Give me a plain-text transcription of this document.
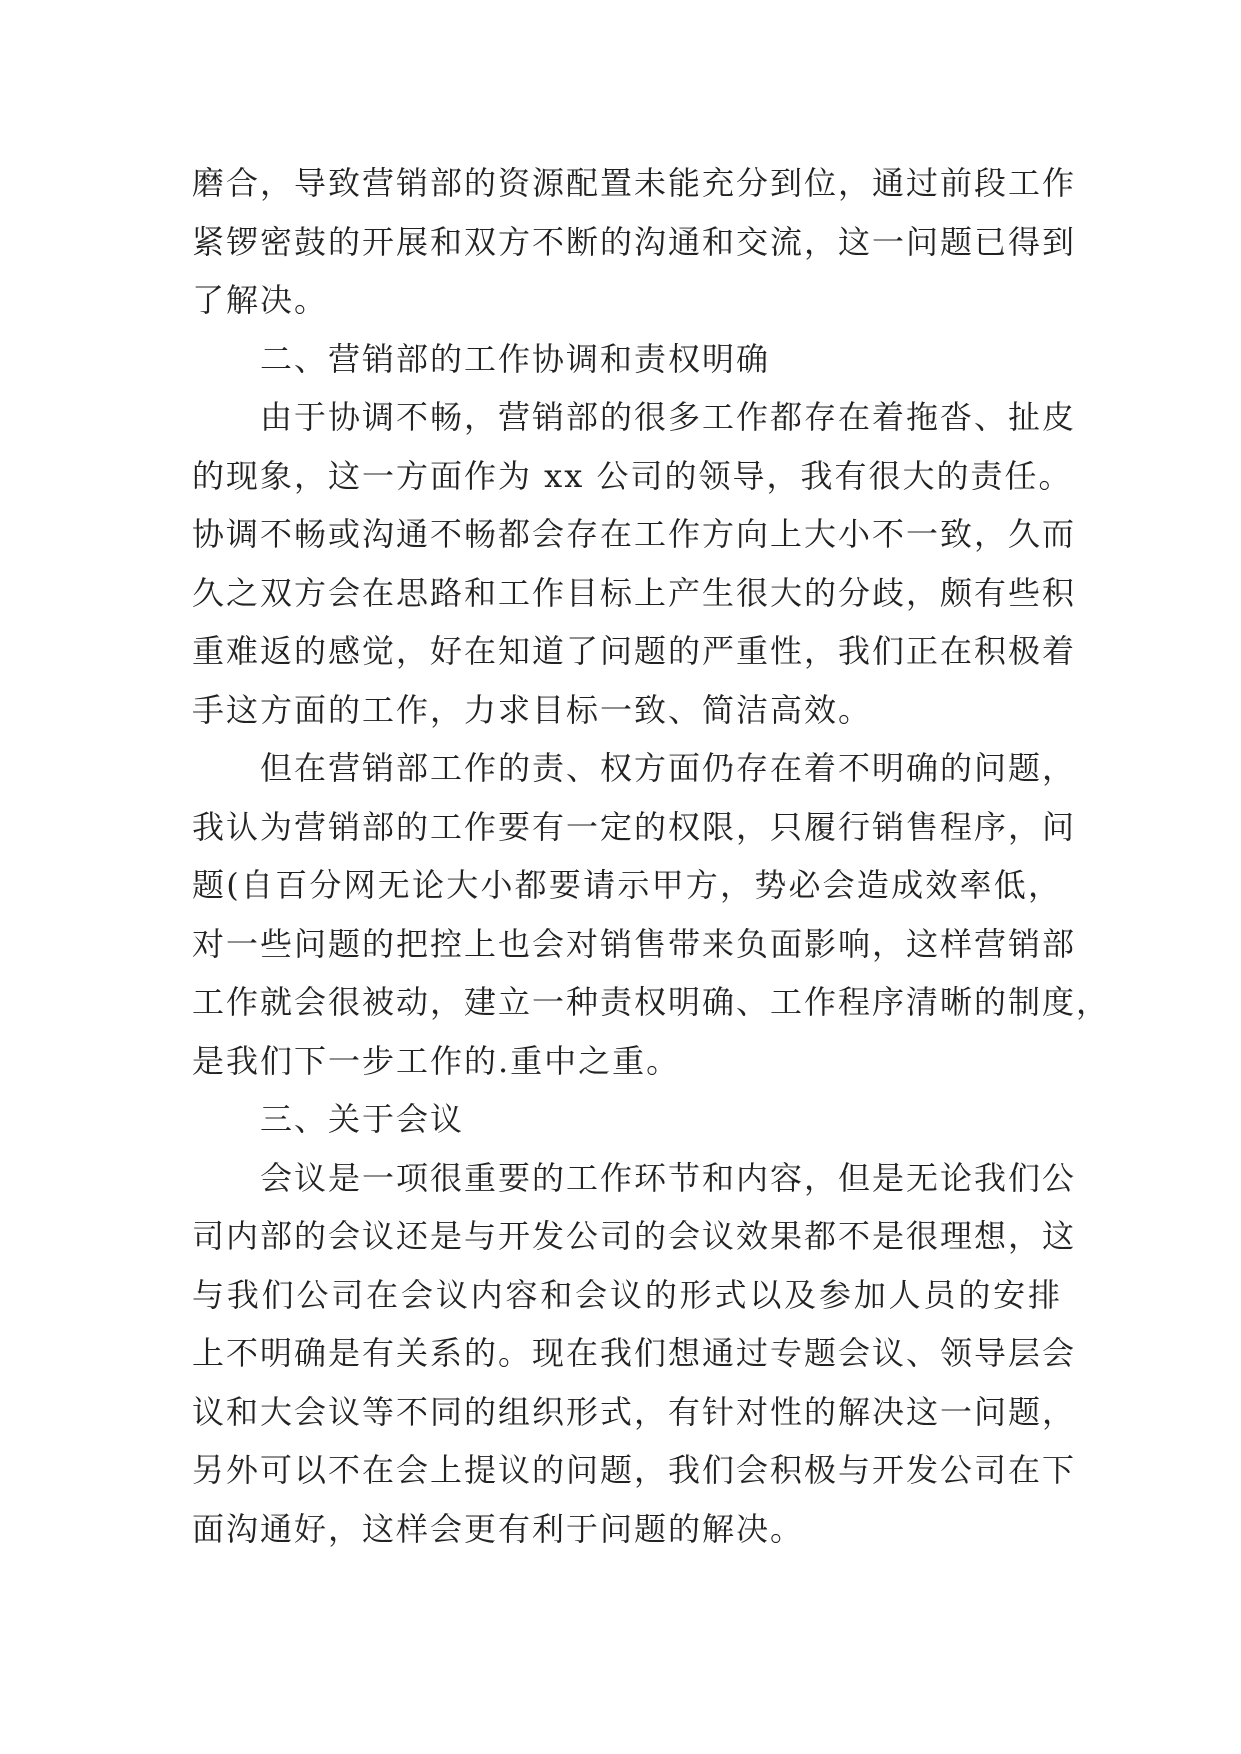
磨合，导致营销部的资源配置未能充分到位，通过前段工作
紧锣密鼓的开展和双方不断的沟通和交流，这一问题已得到
了解决。
二、营销部的工作协调和责权明确
由于协调不畅，营销部的很多工作都存在着拖沓、扯皮
的现象，这一方面作为 xx 公司的领导，我有很大的责任。
协调不畅或沟通不畅都会存在工作方向上大小不一致，久而
久之双方会在思路和工作目标上产生很大的分歧，颇有些积
重难返的感觉，好在知道了问题的严重性，我们正在积极着
手这方面的工作，力求目标一致、简洁高效。
但在营销部工作的责、权方面仍存在着不明确的问题，
我认为营销部的工作要有一定的权限，只履行销售程序，问
题(自百分网无论大小都要请示甲方，势必会造成效率低，
对一些问题的把控上也会对销售带来负面影响，这样营销部
工作就会很被动，建立一种责权明确、工作程序清晰的制度，
是我们下一步工作的.重中之重。
三、关于会议
会议是一项很重要的工作环节和内容，但是无论我们公
司内部的会议还是与开发公司的会议效果都不是很理想，这
与我们公司在会议内容和会议的形式以及参加人员的安排
上不明确是有关系的。现在我们想通过专题会议、领导层会
议和大会议等不同的组织形式，有针对性的解决这一问题，
另外可以不在会上提议的问题，我们会积极与开发公司在下
面沟通好，这样会更有利于问题的解决。
